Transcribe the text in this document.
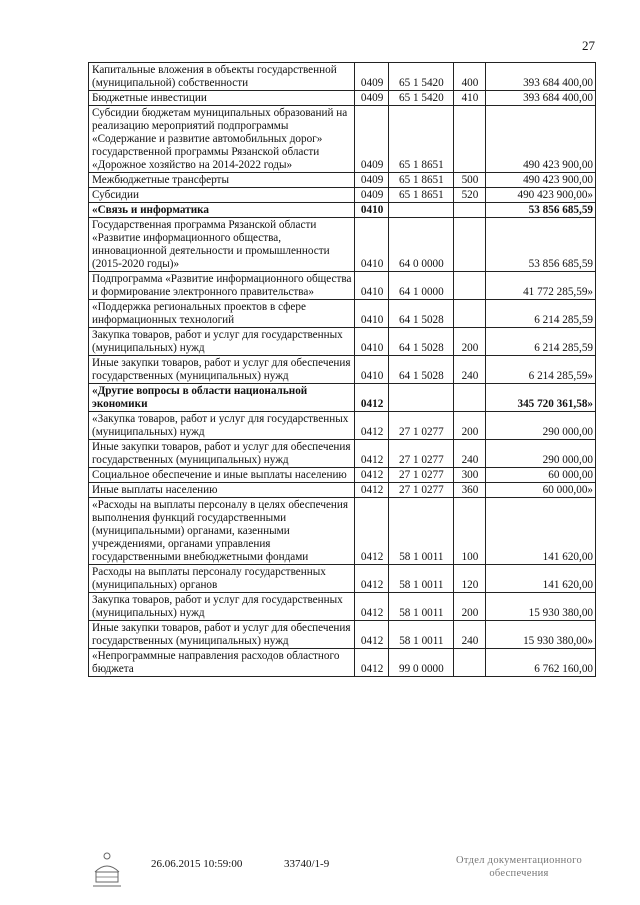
27
Капитальные вложения в объекты государственной (муниципальной) собственности	0409	65 1 5420	400	393 684 400,00
Бюджетные инвестиции	0409	65 1 5420	410	393 684 400,00
Субсидии бюджетам муниципальных образований на реализацию мероприятий подпрограммы «Содержание и развитие автомобильных дорог» государственной программы Рязанской области «Дорожное хозяйство на 2014-2022 годы»	0409	65 1 8651		490 423 900,00
Межбюджетные трансферты	0409	65 1 8651	500	490 423 900,00
Субсидии	0409	65 1 8651	520	490 423 900,00»
«Связь и информатика	0410			53 856 685,59
Государственная программа Рязанской области «Развитие информационного общества, инновационной деятельности и промышленности (2015-2020 годы)»	0410	64 0 0000		53 856 685,59
Подпрограмма «Развитие информационного общества и формирование электронного правительства»	0410	64 1 0000		41 772 285,59»
«Поддержка региональных проектов в сфере информационных технологий	0410	64 1 5028		6 214 285,59
Закупка товаров, работ и услуг для государственных (муниципальных) нужд	0410	64 1 5028	200	6 214 285,59
Иные закупки товаров, работ и услуг для обеспечения государственных (муниципальных) нужд	0410	64 1 5028	240	6 214 285,59»
«Другие вопросы в области национальной экономики	0412			345 720 361,58»
«Закупка товаров, работ и услуг для государственных (муниципальных) нужд	0412	27 1 0277	200	290 000,00
Иные закупки товаров, работ и услуг для обеспечения государственных (муниципальных) нужд	0412	27 1 0277	240	290 000,00
Социальное обеспечение и иные выплаты населению	0412	27 1 0277	300	60 000,00
Иные выплаты населению	0412	27 1 0277	360	60 000,00»
«Расходы на выплаты персоналу в целях обеспечения выполнения функций государственными (муниципальными) органами, казенными учреждениями, органами управления государственными внебюджетными фондами	0412	58 1 0011	100	141 620,00
Расходы на выплаты персоналу государственных (муниципальных) органов	0412	58 1 0011	120	141 620,00
Закупка товаров, работ и услуг для государственных (муниципальных) нужд	0412	58 1 0011	200	15 930 380,00
Иные закупки товаров, работ и услуг для обеспечения государственных (муниципальных) нужд	0412	58 1 0011	240	15 930 380,00»
«Непрограммные направления расходов областного бюджета	0412	99 0 0000		6 762 160,00
26.06.2015 10:59:00	33740/1-9	Отдел документационного
обеспечения
